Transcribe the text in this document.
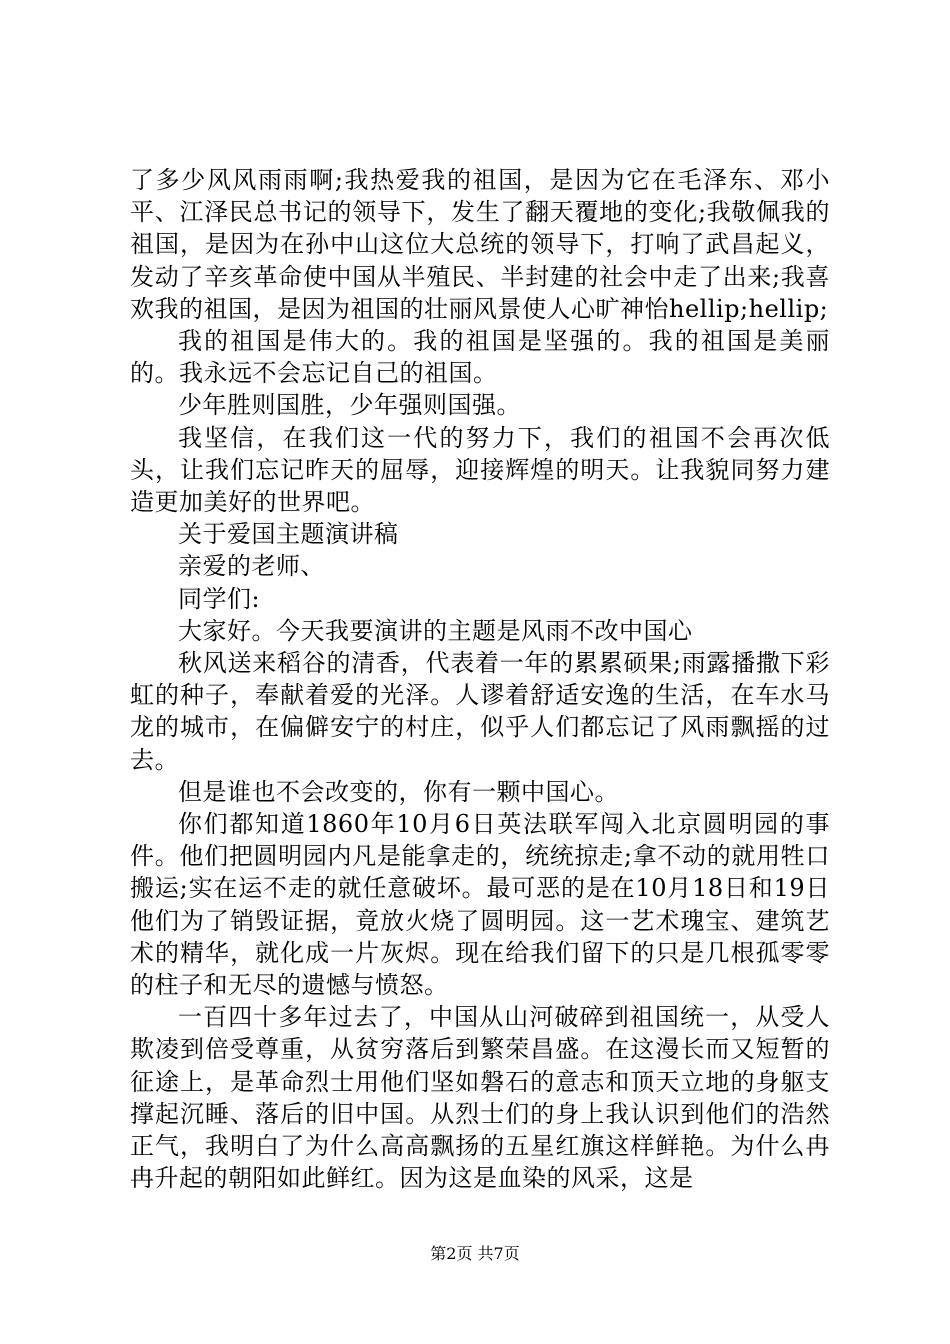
了多少风风雨雨啊;我热爱我的祖国，是因为它在毛泽东、邓小平、江泽民总书记的领导下，发生了翻天覆地的变化;我敬佩我的祖国，是因为在孙中山这位大总统的领导下，打响了武昌起义，发动了辛亥革命使中国从半殖民、半封建的社会中走了出来;我喜欢我的祖国，是因为祖国的壮丽风景使人心旷神怡hellip;hellip;

我的祖国是伟大的。我的祖国是坚强的。我的祖国是美丽的。我永远不会忘记自己的祖国。

少年胜则国胜，少年强则国强。

我坚信，在我们这一代的努力下，我们的祖国不会再次低头，让我们忘记昨天的屈辱，迎接辉煌的明天。让我貌同努力建造更加美好的世界吧。

关于爱国主题演讲稿

亲爱的老师、

同学们:

大家好。今天我要演讲的主题是风雨不改中国心

秋风送来稻谷的清香，代表着一年的累累硕果;雨露播撒下彩虹的种子，奉献着爱的光泽。人谬着舒适安逸的生活，在车水马龙的城市，在偏僻安宁的村庄，似乎人们都忘记了风雨飘摇的过去。

但是谁也不会改变的，你有一颗中国心。

你们都知道1860年10月6日英法联军闯入北京圆明园的事件。他们把圆明园内凡是能拿走的，统统掠走;拿不动的就用牲口搬运;实在运不走的就任意破坏。最可恶的是在10月18日和19日他们为了销毁证据，竟放火烧了圆明园。这一艺术瑰宝、建筑艺术的精华，就化成一片灰烬。现在给我们留下的只是几根孤零零的柱子和无尽的遗憾与愤怒。

一百四十多年过去了，中国从山河破碎到祖国统一，从受人欺凌到倍受尊重，从贫穷落后到繁荣昌盛。在这漫长而又短暂的征途上，是革命烈士用他们坚如磐石的意志和顶天立地的身躯支撑起沉睡、落后的旧中国。从烈士们的身上我认识到他们的浩然正气，我明白了为什么高高飘扬的五星红旗这样鲜艳。为什么冉冉升起的朝阳如此鲜红。因为这是血染的风采，这是

第2页 共7页
